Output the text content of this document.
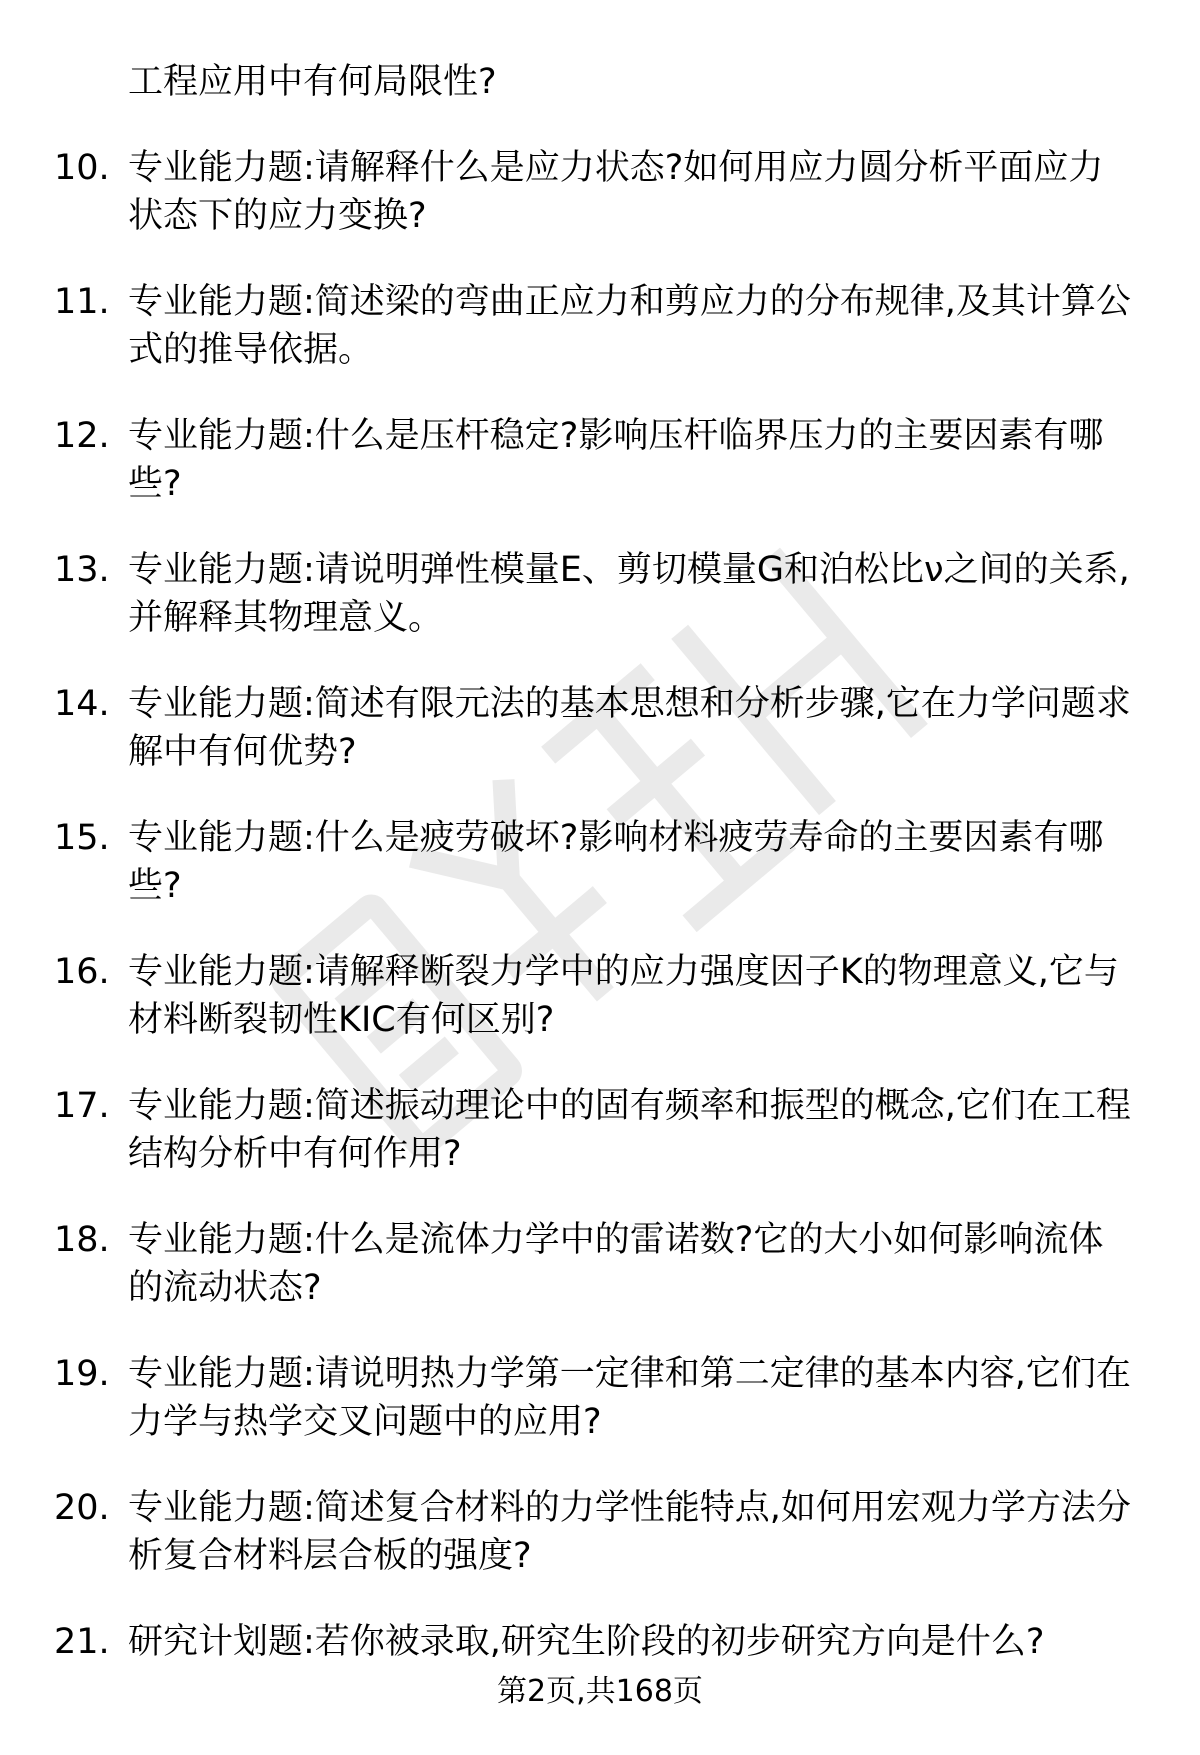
工程应用中有何局限性?
10. 专业能力题:请解释什么是应力状态?如何用应力圆分析平面应力状态下的应力变换?
11. 专业能力题:简述梁的弯曲正应力和剪应力的分布规律,及其计算公式的推导依据。
12. 专业能力题:什么是压杆稳定?影响压杆临界压力的主要因素有哪些?
13. 专业能力题:请说明弹性模量E、剪切模量G和泊松比ν之间的关系,并解释其物理意义。
14. 专业能力题:简述有限元法的基本思想和分析步骤,它在力学问题求解中有何优势?
15. 专业能力题:什么是疲劳破坏?影响材料疲劳寿命的主要因素有哪些?
16. 专业能力题:请解释断裂力学中的应力强度因子K的物理意义,它与材料断裂韧性KIC有何区别?
17. 专业能力题:简述振动理论中的固有频率和振型的概念,它们在工程结构分析中有何作用?
18. 专业能力题:什么是流体力学中的雷诺数?它的大小如何影响流体的流动状态?
19. 专业能力题:请说明热力学第一定律和第二定律的基本内容,它们在力学与热学交叉问题中的应用?
20. 专业能力题:简述复合材料的力学性能特点,如何用宏观力学方法分析复合材料层合板的强度?
21. 研究计划题:若你被录取,研究生阶段的初步研究方向是什么?
第2页,共168页
